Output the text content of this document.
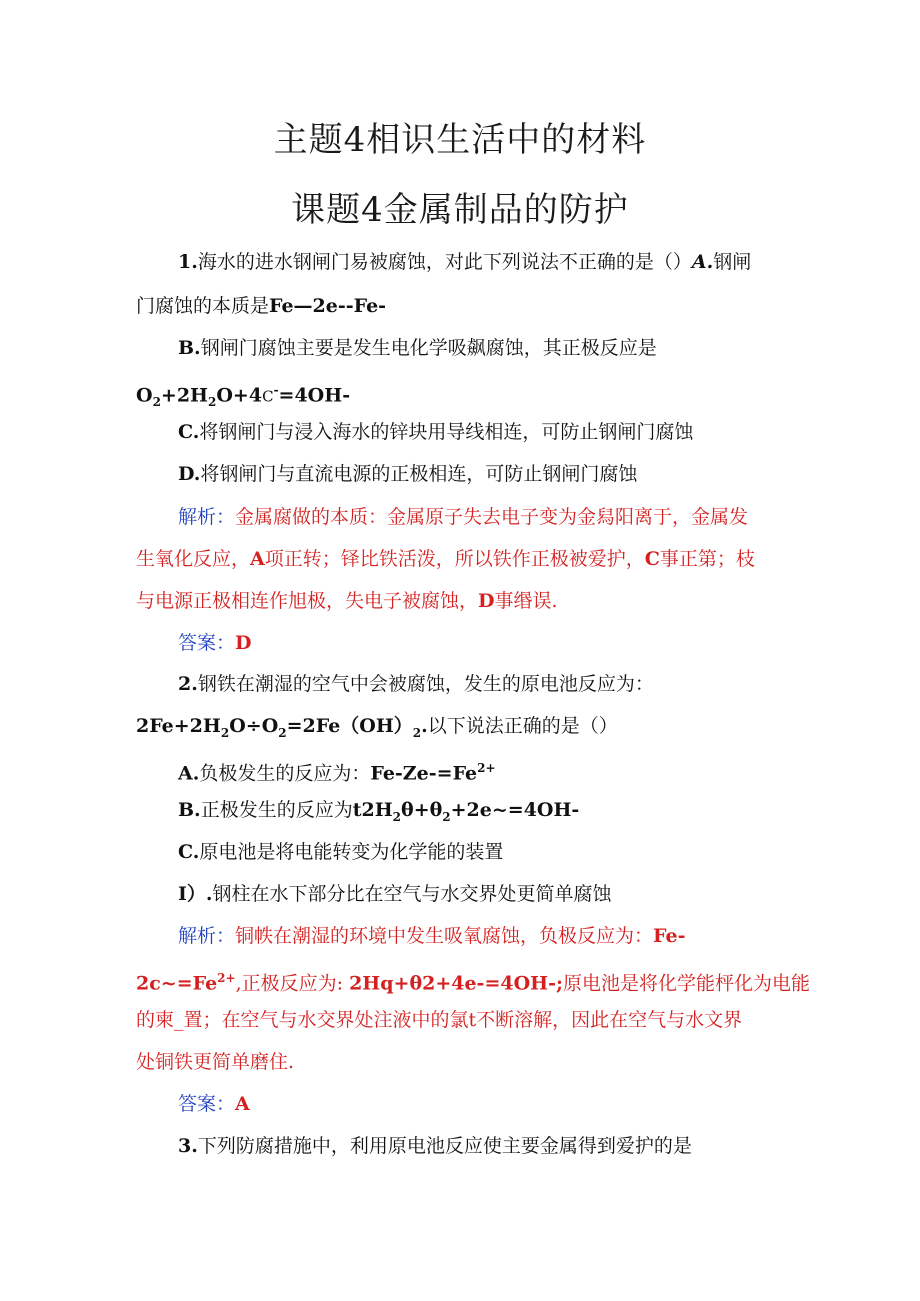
主题4相识生活中的材料
课题4金属制品的防护
1.海水的进水钢闸门易被腐蚀，对此下列说法不正确的是（）A.钢闸
门腐蚀的本质是Fe—2e--Fe-
B.钢闸门腐蚀主要是发生电化学吸飙腐蚀，其正极反应是
$O_2+2H_2O+4C^-=4OH-$
C.将钢闸门与浸入海水的锌块用导线相连，可防止钢闸门腐蚀
D.将钢闸门与直流电源的正极相连，可防止钢闸门腐蚀
解析：金属腐做的本质：金属原子失去电子变为金舄阳离于，金属发
生氧化反应，A项正转；铎比铁活泼，所以铁作正极被爱护，C事正第；枝
与电源正极相连作旭极，失电子被腐蚀，D事缗误.
答案：D
2.钢铁在潮湿的空气中会被腐蚀，发生的原电池反应为：
$2Fe+2H_2O\div O_2=2Fe(OH)_2$.以下说法正确的是（）
A.负极发生的反应为：$Fe-Ze-=Fe^{2+}$
B.正极发生的反应为$t2H_2\theta+\theta_2+2e\sim=4OH-$
C.原电池是将电能转变为化学能的装置
I）.钢柱在水下部分比在空气与水交界处更简单腐蚀
解析：铜帙在潮湿的环境中发生吸氧腐蚀，负极反应为：Fe-
$2c\sim=Fe^{2+}$,正极反应为: 2Hq+θ2+4e-=4OH-;原电池是将化学能枰化为电能
的柬_置；在空气与水交界处注液中的氯t不断溶解，因此在空气与水文界
处铜铁更简单磨住.
答案：A
3.下列防腐措施中，利用原电池反应使主要金属得到爱护的是
